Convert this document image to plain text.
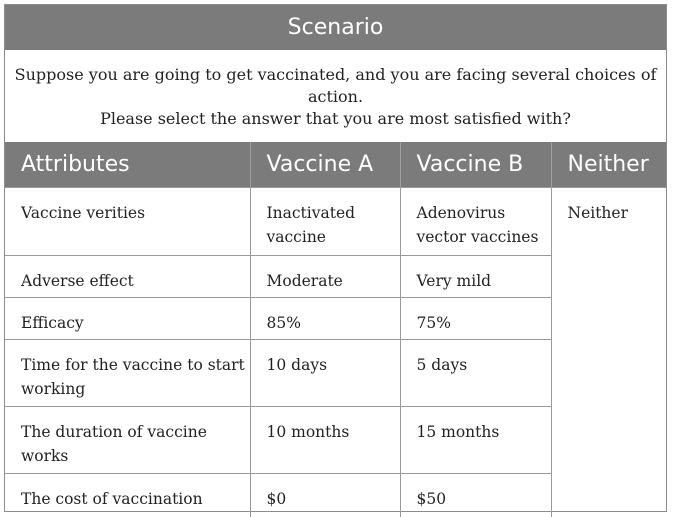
Scenario
Suppose you are going to get vaccinated, and you are facing several choices of
action.
Please select the answer that you are most satisfied with?
Attributes	Vaccine A	Vaccine B	Neither
Vaccine verities	Inactivated vaccine	Adenovirus vector vaccines	Neither
Adverse effect	Moderate	Very mild	
Efficacy	85%	75%	
Time for the vaccine to start working	10 days	5 days	
The duration of vaccine works	10 months	15 months	
The cost of vaccination	$0	$50	
